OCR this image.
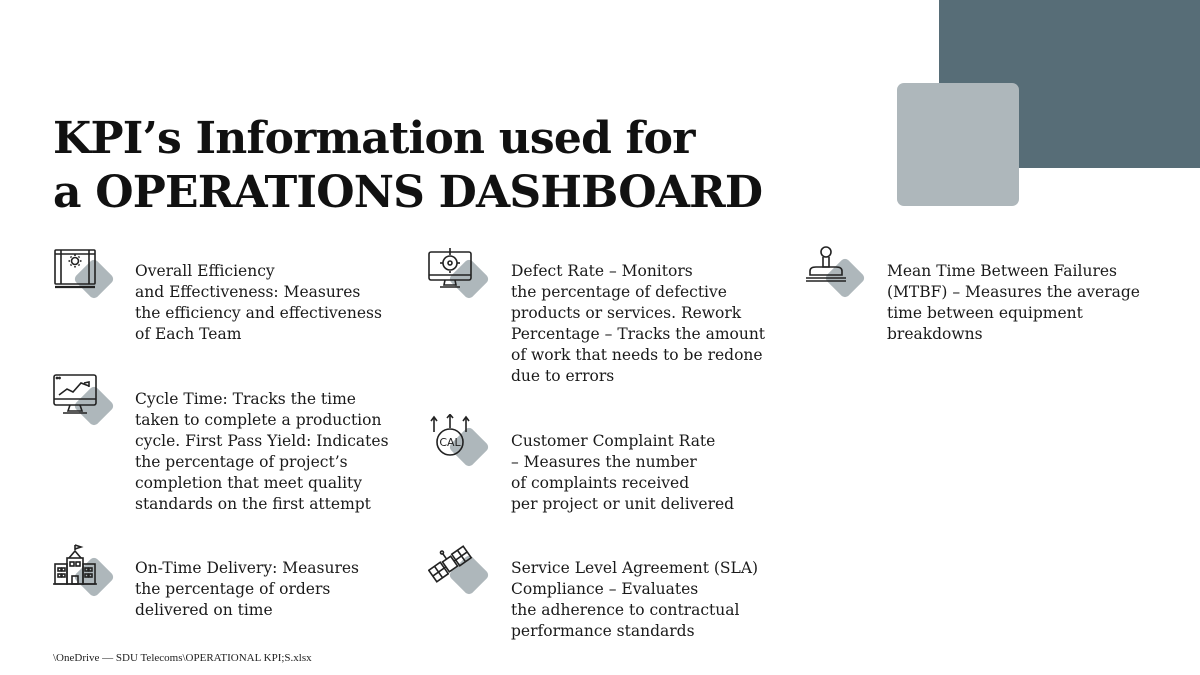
KPI’s Information used for
a OPERATIONS DASHBOARD

Overall Efficiency
and Effectiveness: Measures
the efficiency and effectiveness
of Each Team

Cycle Time: Tracks the time
taken to complete a production
cycle. First Pass Yield: Indicates
the percentage of project’s
completion that meet quality
standards on the first attempt

On-Time Delivery: Measures
the percentage of orders
delivered on time

Defect Rate – Monitors
the percentage of defective
products or services. Rework
Percentage – Tracks the amount
of work that needs to be redone
due to errors

CAL	Customer Complaint Rate
– Measures the number
of complaints received
per project or unit delivered

Service Level Agreement (SLA)
Compliance – Evaluates
the adherence to contractual
performance standards

Mean Time Between Failures
(MTBF) – Measures the average
time between equipment
breakdowns

\OneDrive — SDU Telecoms\OPERATIONAL KPI;S.xlsx
